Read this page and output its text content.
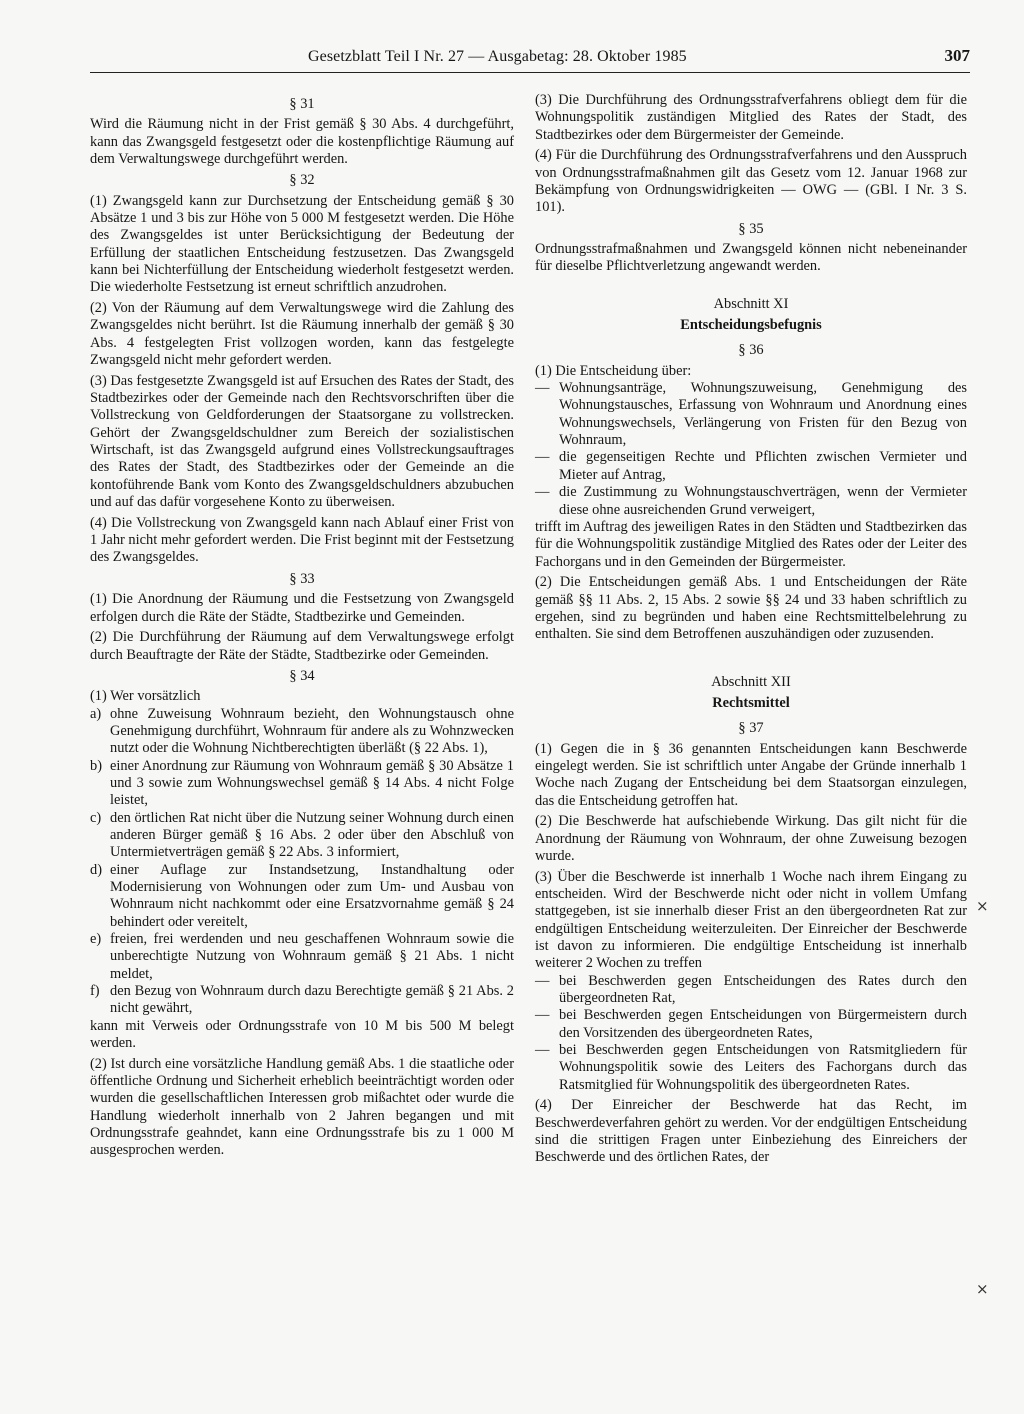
Gesetzblatt Teil I Nr. 27 — Ausgabetag: 28. Oktober 1985	307

§ 31

Wird die Räumung nicht in der Frist gemäß § 30 Abs. 4 durchgeführt, kann das Zwangsgeld festgesetzt oder die kostenpflichtige Räumung auf dem Verwaltungswege durchgeführt werden.

§ 32

(1) Zwangsgeld kann zur Durchsetzung der Entscheidung gemäß § 30 Absätze 1 und 3 bis zur Höhe von 5 000 M festgesetzt werden. Die Höhe des Zwangsgeldes ist unter Berücksichtigung der Bedeutung der Erfüllung der staatlichen Entscheidung festzusetzen. Das Zwangsgeld kann bei Nichterfüllung der Entscheidung wiederholt festgesetzt werden. Die wiederholte Festsetzung ist erneut schriftlich anzudrohen.

(2) Von der Räumung auf dem Verwaltungswege wird die Zahlung des Zwangsgeldes nicht berührt. Ist die Räumung innerhalb der gemäß § 30 Abs. 4 festgelegten Frist vollzogen worden, kann das festgelegte Zwangsgeld nicht mehr gefordert werden.

(3) Das festgesetzte Zwangsgeld ist auf Ersuchen des Rates der Stadt, des Stadtbezirkes oder der Gemeinde nach den Rechtsvorschriften über die Vollstreckung von Geldforderungen der Staatsorgane zu vollstrecken. Gehört der Zwangsgeldschuldner zum Bereich der sozialistischen Wirtschaft, ist das Zwangsgeld aufgrund eines Vollstreckungsauftrages des Rates der Stadt, des Stadtbezirkes oder der Gemeinde an die kontoführende Bank vom Konto des Zwangsgeldschuldners abzubuchen und auf das dafür vorgesehene Konto zu überweisen.

(4) Die Vollstreckung von Zwangsgeld kann nach Ablauf einer Frist von 1 Jahr nicht mehr gefordert werden. Die Frist beginnt mit der Festsetzung des Zwangsgeldes.

§ 33

(1) Die Anordnung der Räumung und die Festsetzung von Zwangsgeld erfolgen durch die Räte der Städte, Stadtbezirke und Gemeinden.

(2) Die Durchführung der Räumung auf dem Verwaltungswege erfolgt durch Beauftragte der Räte der Städte, Stadtbezirke oder Gemeinden.

§ 34

(1) Wer vorsätzlich

a) ohne Zuweisung Wohnraum bezieht, den Wohnungstausch ohne Genehmigung durchführt, Wohnraum für andere als zu Wohnzwecken nutzt oder die Wohnung Nichtberechtigten überläßt (§ 22 Abs. 1),
b) einer Anordnung zur Räumung von Wohnraum gemäß § 30 Absätze 1 und 3 sowie zum Wohnungswechsel gemäß § 14 Abs. 4 nicht Folge leistet,
c) den örtlichen Rat nicht über die Nutzung seiner Wohnung durch einen anderen Bürger gemäß § 16 Abs. 2 oder über den Abschluß von Untermietverträgen gemäß § 22 Abs. 3 informiert,
d) einer Auflage zur Instandsetzung, Instandhaltung oder Modernisierung von Wohnungen oder zum Um- und Ausbau von Wohnraum nicht nachkommt oder eine Ersatzvornahme gemäß § 24 behindert oder vereitelt,
e) freien, frei werdenden und neu geschaffenen Wohnraum sowie die unberechtigte Nutzung von Wohnraum gemäß § 21 Abs. 1 nicht meldet,
f) den Bezug von Wohnraum durch dazu Berechtigte gemäß § 21 Abs. 2 nicht gewährt,

kann mit Verweis oder Ordnungsstrafe von 10 M bis 500 M belegt werden.

(2) Ist durch eine vorsätzliche Handlung gemäß Abs. 1 die staatliche oder öffentliche Ordnung und Sicherheit erheblich beeinträchtigt worden oder wurden die gesellschaftlichen Interessen grob mißachtet oder wurde die Handlung wiederholt innerhalb von 2 Jahren begangen und mit Ordnungsstrafe geahndet, kann eine Ordnungsstrafe bis zu 1 000 M ausgesprochen werden.

(3) Die Durchführung des Ordnungsstrafverfahrens obliegt dem für die Wohnungspolitik zuständigen Mitglied des Rates der Stadt, des Stadtbezirkes oder dem Bürgermeister der Gemeinde.

(4) Für die Durchführung des Ordnungsstrafverfahrens und den Ausspruch von Ordnungsstrafmaßnahmen gilt das Gesetz vom 12. Januar 1968 zur Bekämpfung von Ordnungswidrigkeiten — OWG — (GBl. I Nr. 3 S. 101).

§ 35

Ordnungsstrafmaßnahmen und Zwangsgeld können nicht nebeneinander für dieselbe Pflichtverletzung angewandt werden.

Abschnitt XI

Entscheidungsbefugnis

§ 36

(1) Die Entscheidung über:

— Wohnungsanträge, Wohnungszuweisung, Genehmigung des Wohnungstausches, Erfassung von Wohnraum und Anordnung eines Wohnungswechsels, Verlängerung von Fristen für den Bezug von Wohnraum,
— die gegenseitigen Rechte und Pflichten zwischen Vermieter und Mieter auf Antrag,
— die Zustimmung zu Wohnungstauschverträgen, wenn der Vermieter diese ohne ausreichenden Grund verweigert,

trifft im Auftrag des jeweiligen Rates in den Städten und Stadtbezirken das für die Wohnungspolitik zuständige Mitglied des Rates oder der Leiter des Fachorgans und in den Gemeinden der Bürgermeister.

(2) Die Entscheidungen gemäß Abs. 1 und Entscheidungen der Räte gemäß §§ 11 Abs. 2, 15 Abs. 2 sowie §§ 24 und 33 haben schriftlich zu ergehen, sind zu begründen und haben eine Rechtsmittelbelehrung zu enthalten. Sie sind dem Betroffenen auszuhändigen oder zuzusenden.

Abschnitt XII

Rechtsmittel

§ 37

(1) Gegen die in § 36 genannten Entscheidungen kann Beschwerde eingelegt werden. Sie ist schriftlich unter Angabe der Gründe innerhalb 1 Woche nach Zugang der Entscheidung bei dem Staatsorgan einzulegen, das die Entscheidung getroffen hat.

(2) Die Beschwerde hat aufschiebende Wirkung. Das gilt nicht für die Anordnung der Räumung von Wohnraum, der ohne Zuweisung bezogen wurde.

(3) Über die Beschwerde ist innerhalb 1 Woche nach ihrem Eingang zu entscheiden. Wird der Beschwerde nicht oder nicht in vollem Umfang stattgegeben, ist sie innerhalb dieser Frist an den übergeordneten Rat zur endgültigen Entscheidung weiterzuleiten. Der Einreicher der Beschwerde ist davon zu informieren. Die endgültige Entscheidung ist innerhalb weiterer 2 Wochen zu treffen

— bei Beschwerden gegen Entscheidungen des Rates durch den übergeordneten Rat,
— bei Beschwerden gegen Entscheidungen von Bürgermeistern durch den Vorsitzenden des übergeordneten Rates,
— bei Beschwerden gegen Entscheidungen von Ratsmitgliedern für Wohnungspolitik sowie des Leiters des Fachorgans durch das Ratsmitglied für Wohnungspolitik des übergeordneten Rates.

(4) Der Einreicher der Beschwerde hat das Recht, im Beschwerdeverfahren gehört zu werden. Vor der endgültigen Entscheidung sind die strittigen Fragen unter Einbeziehung des Einreichers der Beschwerde und des örtlichen Rates, der

×
×
